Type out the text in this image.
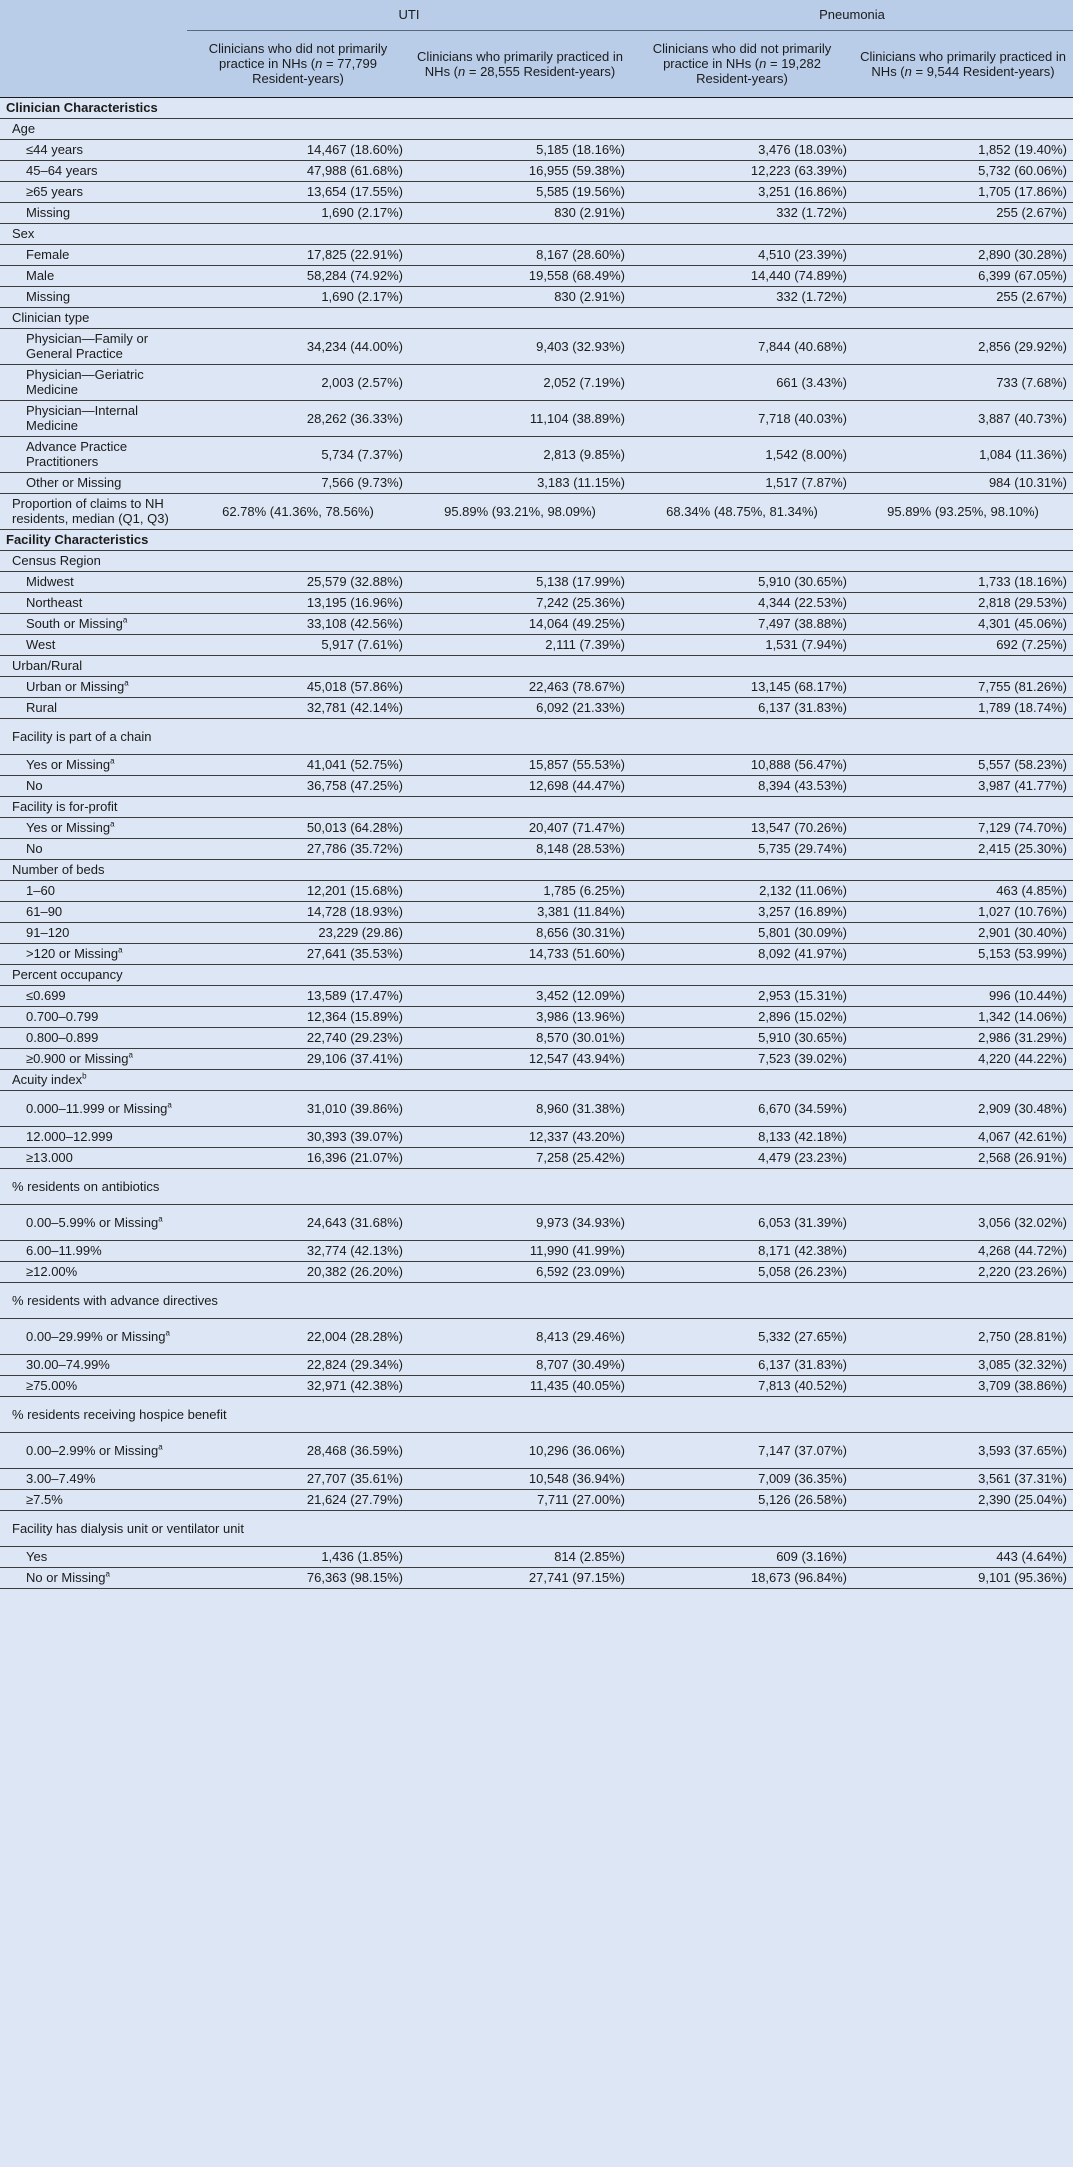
	UTI		Pneumonia	
	Clinicians who did not primarily practice in NHs (n = 77,799 Resident-years)	Clinicians who primarily practiced in NHs (n = 28,555 Resident-years)	Clinicians who did not primarily practice in NHs (n = 19,282 Resident-years)	Clinicians who primarily practiced in NHs (n = 9,544 Resident-years)
Clinician Characteristics				
Age				
≤44 years	14,467 (18.60%)	5,185 (18.16%)	3,476 (18.03%)	1,852 (19.40%)
45–64 years	47,988 (61.68%)	16,955 (59.38%)	12,223 (63.39%)	5,732 (60.06%)
≥65 years	13,654 (17.55%)	5,585 (19.56%)	3,251 (16.86%)	1,705 (17.86%)
Missing	1,690 (2.17%)	830 (2.91%)	332 (1.72%)	255 (2.67%)
Sex				
Female	17,825 (22.91%)	8,167 (28.60%)	4,510 (23.39%)	2,890 (30.28%)
Male	58,284 (74.92%)	19,558 (68.49%)	14,440 (74.89%)	6,399 (67.05%)
Missing	1,690 (2.17%)	830 (2.91%)	332 (1.72%)	255 (2.67%)
Clinician type				
Physician—Family or General Practice	34,234 (44.00%)	9,403 (32.93%)	7,844 (40.68%)	2,856 (29.92%)
Physician—Geriatric Medicine	2,003 (2.57%)	2,052 (7.19%)	661 (3.43%)	733 (7.68%)
Physician—Internal Medicine	28,262 (36.33%)	11,104 (38.89%)	7,718 (40.03%)	3,887 (40.73%)
Advance Practice Practitioners	5,734 (7.37%)	2,813 (9.85%)	1,542 (8.00%)	1,084 (11.36%)
Other or Missing	7,566 (9.73%)	3,183 (11.15%)	1,517 (7.87%)	984 (10.31%)
Proportion of claims to NH residents, median (Q1, Q3)	62.78% (41.36%, 78.56%)	95.89% (93.21%, 98.09%)	68.34% (48.75%, 81.34%)	95.89% (93.25%, 98.10%)
Facility Characteristics				
Census Region				
Midwest	25,579 (32.88%)	5,138 (17.99%)	5,910 (30.65%)	1,733 (18.16%)
Northeast	13,195 (16.96%)	7,242 (25.36%)	4,344 (22.53%)	2,818 (29.53%)
South or Missing$^a$	33,108 (42.56%)	14,064 (49.25%)	7,497 (38.88%)	4,301 (45.06%)
West	5,917 (7.61%)	2,111 (7.39%)	1,531 (7.94%)	692 (7.25%)
Urban/Rural				
Urban or Missing$^a$	45,018 (57.86%)	22,463 (78.67%)	13,145 (68.17%)	7,755 (81.26%)
Rural	32,781 (42.14%)	6,092 (21.33%)	6,137 (31.83%)	1,789 (18.74%)
Facility is part of a chain				
Yes or Missing$^a$	41,041 (52.75%)	15,857 (55.53%)	10,888 (56.47%)	5,557 (58.23%)
No	36,758 (47.25%)	12,698 (44.47%)	8,394 (43.53%)	3,987 (41.77%)
Facility is for-profit				
Yes or Missing$^a$	50,013 (64.28%)	20,407 (71.47%)	13,547 (70.26%)	7,129 (74.70%)
No	27,786 (35.72%)	8,148 (28.53%)	5,735 (29.74%)	2,415 (25.30%)
Number of beds				
1–60	12,201 (15.68%)	1,785 (6.25%)	2,132 (11.06%)	463 (4.85%)
61–90	14,728 (18.93%)	3,381 (11.84%)	3,257 (16.89%)	1,027 (10.76%)
91–120	23,229 (29.86)	8,656 (30.31%)	5,801 (30.09%)	2,901 (30.40%)
>120 or Missing$^a$	27,641 (35.53%)	14,733 (51.60%)	8,092 (41.97%)	5,153 (53.99%)
Percent occupancy				
≤0.699	13,589 (17.47%)	3,452 (12.09%)	2,953 (15.31%)	996 (10.44%)
0.700–0.799	12,364 (15.89%)	3,986 (13.96%)	2,896 (15.02%)	1,342 (14.06%)
0.800–0.899	22,740 (29.23%)	8,570 (30.01%)	5,910 (30.65%)	2,986 (31.29%)
≥0.900 or Missing$^a$	29,106 (37.41%)	12,547 (43.94%)	7,523 (39.02%)	4,220 (44.22%)
Acuity index$^b$
0.000–11.999 or Missing$^a$	31,010 (39.86%)	8,960 (31.38%)	6,670 (34.59%)	2,909 (30.48%)
12.000–12.999	30,393 (39.07%)	12,337 (43.20%)	8,133 (42.18%)	4,067 (42.61%)
≥13.000	16,396 (21.07%)	7,258 (25.42%)	4,479 (23.23%)	2,568 (26.91%)
% residents on antibiotics				
0.00–5.99% or Missing$^a$	24,643 (31.68%)	9,973 (34.93%)	6,053 (31.39%)	3,056 (32.02%)
6.00–11.99%	32,774 (42.13%)	11,990 (41.99%)	8,171 (42.38%)	4,268 (44.72%)
≥12.00%	20,382 (26.20%)	6,592 (23.09%)	5,058 (26.23%)	2,220 (23.26%)
% residents with advance directives				
0.00–29.99% or Missing$^a$	22,004 (28.28%)	8,413 (29.46%)	5,332 (27.65%)	2,750 (28.81%)
30.00–74.99%	22,824 (29.34%)	8,707 (30.49%)	6,137 (31.83%)	3,085 (32.32%)
≥75.00%	32,971 (42.38%)	11,435 (40.05%)	7,813 (40.52%)	3,709 (38.86%)
% residents receiving hospice benefit				
0.00–2.99% or Missing$^a$	28,468 (36.59%)	10,296 (36.06%)	7,147 (37.07%)	3,593 (37.65%)
3.00–7.49%	27,707 (35.61%)	10,548 (36.94%)	7,009 (36.35%)	3,561 (37.31%)
≥7.5%	21,624 (27.79%)	7,711 (27.00%)	5,126 (26.58%)	2,390 (25.04%)
Facility has dialysis unit or ventilator unit				
Yes	1,436 (1.85%)	814 (2.85%)	609 (3.16%)	443 (4.64%)
No or Missing$^a$	76,363 (98.15%)	27,741 (97.15%)	18,673 (96.84%)	9,101 (95.36%)
